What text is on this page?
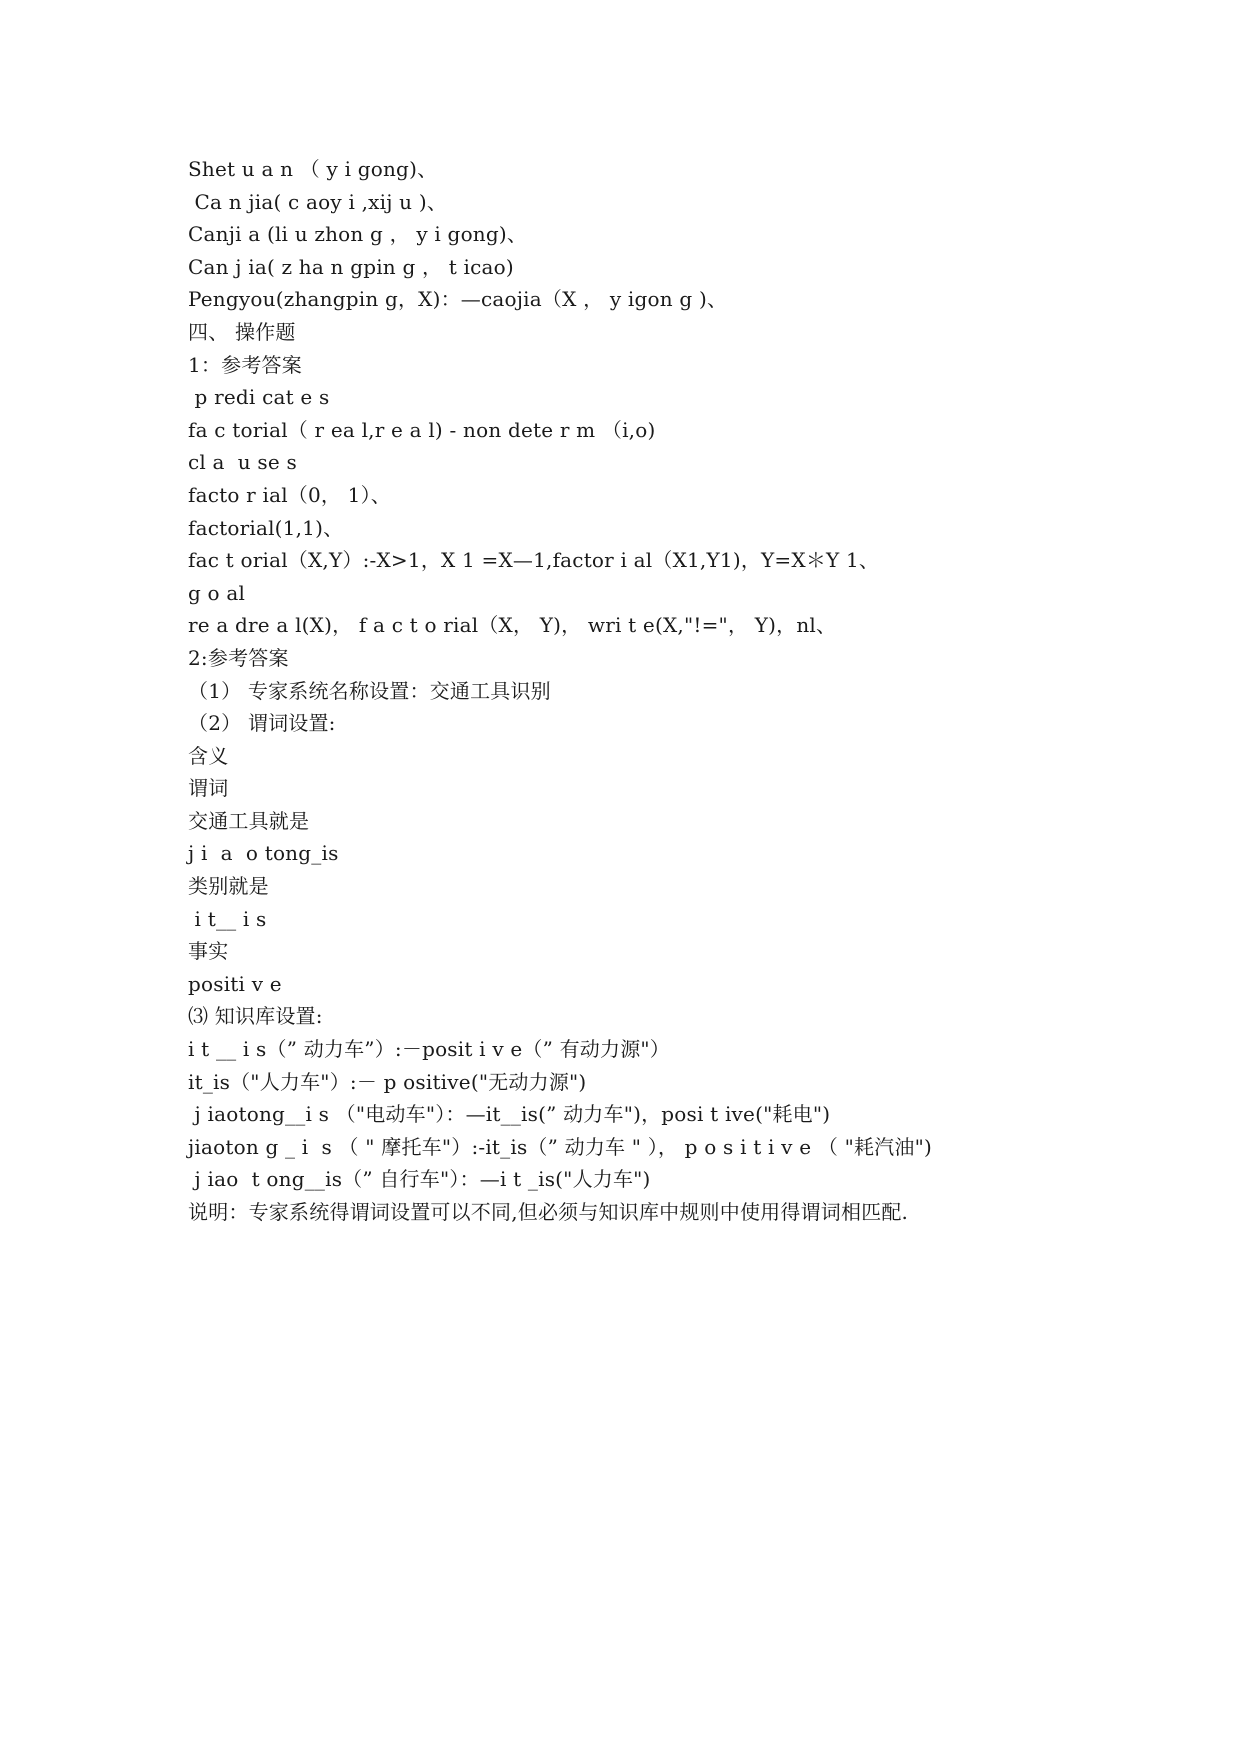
Shet u a n （ y i gong)、
Ca n jia( c aoy i ,xij u )、
Canji a (li u zhon g ， y i gong)、
Can j ia( z ha n gpin g ， t icao)
Pengyou(zhangpin g，X)：—caojia（X ， y igon g )、
四、 操作题
1：参考答案
p redi cat e s
fa c torial（ r ea l,r e a l) - non dete r m （i,o)
cl a  u se s
facto r ial（0， 1）、
factorial(1,1)、
fac t orial（X,Y）:-X>1，X 1 =X—1,factor i al（X1,Y1)，Y=X＊Y 1、
g o al
re a dre a l(X)， f a c t o rial（X， Y)， wri t e(X,"!="， Y)，nl、
2:参考答案
（1） 专家系统名称设置：交通工具识别
（2） 谓词设置:
含义
谓词
交通工具就是
j i  a  o tong_is
类别就是
i t__ i s
事实
positi v e
⑶ 知识库设置:
i t __ i s（” 动力车”）:－posit i v e（” 有动力源"）
it_is（"人力车"）:－ p ositive("无动力源")
j iaotong__i s （"电动车"）：—it__is(” 动力车")，posi t ive("耗电")
jiaoton g _ i  s （ " 摩托车"）:-it_is（” 动力车 " ）， p o s i t i v e （ "耗汽油")
j iao  t ong__is（” 自行车"）：—i t _is("人力车")
说明：专家系统得谓词设置可以不同,但必须与知识库中规则中使用得谓词相匹配.
